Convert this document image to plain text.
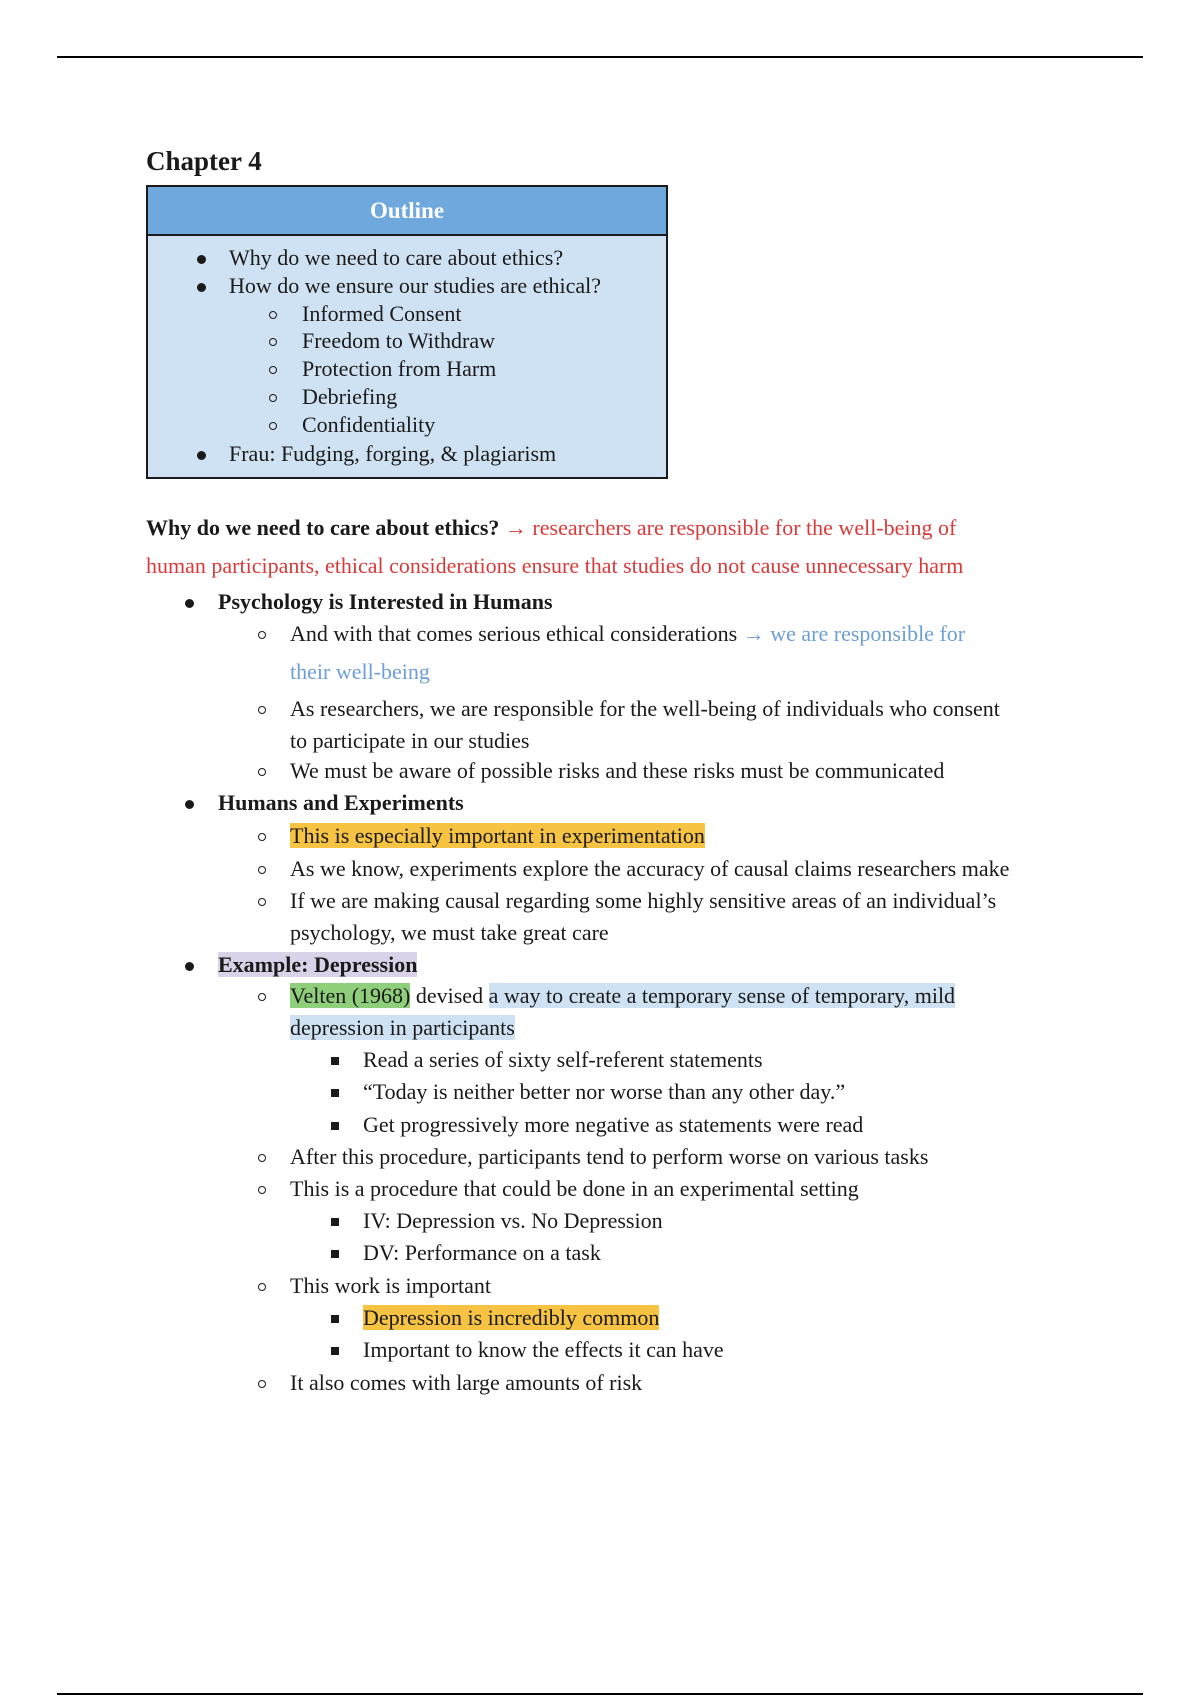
Chapter 4
Outline
Why do we need to care about ethics?
How do we ensure our studies are ethical?
Informed Consent
Freedom to Withdraw
Protection from Harm
Debriefing
Confidentiality
Frau: Fudging, forging, & plagiarism
Why do we need to care about ethics? → researchers are responsible for the well-being of
human participants, ethical considerations ensure that studies do not cause unnecessary harm
Psychology is Interested in Humans
And with that comes serious ethical considerations → we are responsible for
their well-being
As researchers, we are responsible for the well-being of individuals who consent
to participate in our studies
We must be aware of possible risks and these risks must be communicated
Humans and Experiments
This is especially important in experimentation
As we know, experiments explore the accuracy of causal claims researchers make
If we are making causal regarding some highly sensitive areas of an individual’s
psychology, we must take great care
Example: Depression
Velten (1968) devised a way to create a temporary sense of temporary, mild
depression in participants
Read a series of sixty self-referent statements
“Today is neither better nor worse than any other day.”
Get progressively more negative as statements were read
After this procedure, participants tend to perform worse on various tasks
This is a procedure that could be done in an experimental setting
IV: Depression vs. No Depression
DV: Performance on a task
This work is important
Depression is incredibly common
Important to know the effects it can have
It also comes with large amounts of risk
